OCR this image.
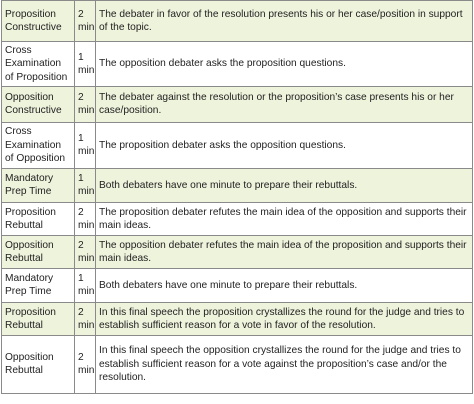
Proposition Constructive	2 min	The debater in favor of the resolution presents his or her case/position in support of the topic.
Cross Examination of Proposition	1 min	The opposition debater asks the proposition questions.
Opposition Constructive	2 min	The debater against the resolution or the proposition’s case presents his or her case/position.
Cross Examination of Opposition	1 min	The proposition debater asks the opposition questions.
Mandatory Prep Time	1 min	Both debaters have one minute to prepare their rebuttals.
Proposition Rebuttal	2 min	The proposition debater refutes the main idea of the opposition and supports their main ideas.
Opposition Rebuttal	2 min	The opposition debater refutes the main idea of the proposition and supports their main ideas.
Mandatory Prep Time	1 min	Both debaters have one minute to prepare their rebuttals.
Proposition Rebuttal	2 min	In this final speech the proposition crystallizes the round for the judge and tries to establish sufficient reason for a vote in favor of the resolution.
Opposition Rebuttal	2 min	In this final speech the opposition crystallizes the round for the judge and tries to establish sufficient reason for a vote against the proposition’s case and/or the resolution.
